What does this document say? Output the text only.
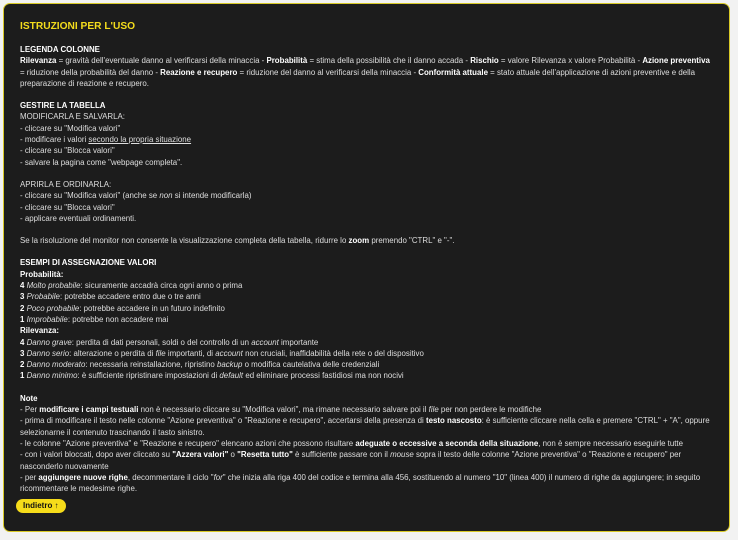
ISTRUZIONI PER L'USO
LEGENDA COLONNE

Rilevanza = gravità dell'eventuale danno al verificarsi della minaccia - Probabilità = stima della possibilità che il danno accada - Rischio = valore Rilevanza x valore Probabilità - Azione preventiva = riduzione della probabilità del danno - Reazione e recupero = riduzione del danno al verificarsi della minaccia - Conformità attuale = stato attuale dell'applicazione di azioni preventive e della preparazione di reazione e recupero.

GESTIRE LA TABELLA
MODIFICARLA E SALVARLA:
- cliccare su "Modifica valori"
- modificare i valori secondo la propria situazione
- cliccare su "Blocca valori"
- salvare la pagina come "webpage completa".
APRIRLA E ORDINARLA:
- cliccare su "Modifica valori" (anche se non si intende modificarla)
- cliccare su "Blocca valori"
- applicare eventuali ordinamenti.
Se la risoluzione del monitor non consente la visualizzazione completa della tabella, ridurre lo zoom premendo "CTRL" e "-".
ESEMPI DI ASSEGNAZIONE VALORI
Probabilità:
4 Molto probabile: sicuramente accadrà circa ogni anno o prima
3 Probabile: potrebbe accadere entro due o tre anni
2 Poco probabile: potrebbe accadere in un futuro indefinito
1 Improbabile: potrebbe non accadere mai
Rilevanza:
4 Danno grave: perdita di dati personali, soldi o del controllo di un account importante
3 Danno serio: alterazione o perdita di file importanti, di account non cruciali, inaffidabilità della rete o del dispositivo
2 Danno moderato: necessaria reinstallazione, ripristino backup o modifica cautelativa delle credenziali
1 Danno minimo: è sufficiente ripristinare impostazioni di default ed eliminare processi fastidiosi ma non nocivi
Note
- Per modificare i campi testuali non è necessario cliccare su "Modifica valori", ma rimane necessario salvare poi il file per non perdere le modifiche
- prima di modificare il testo nelle colonne "Azione preventiva" o "Reazione e recupero", accertarsi della presenza di testo nascosto: è sufficiente cliccare nella cella e premere "CTRL" + "A", oppure selezionarne il contenuto trascinando il tasto sinistro.
- le colonne "Azione preventiva" e "Reazione e recupero" elencano azioni che possono risultare adeguate o eccessive a seconda della situazione, non è sempre necessario eseguirle tutte
- con i valori bloccati, dopo aver cliccato su "Azzera valori" o "Resetta tutto" è sufficiente passare con il mouse sopra il testo delle colonne "Azione preventiva" o "Reazione e recupero" per nasconderlo nuovamente
- per aggiungere nuove righe, decommentare il ciclo "for" che inizia alla riga 400 del codice e termina alla 456, sostituendo al numero "10" (linea 400) il numero di righe da aggiungere; in seguito ricommentare le medesime righe.
Indietro ↑
